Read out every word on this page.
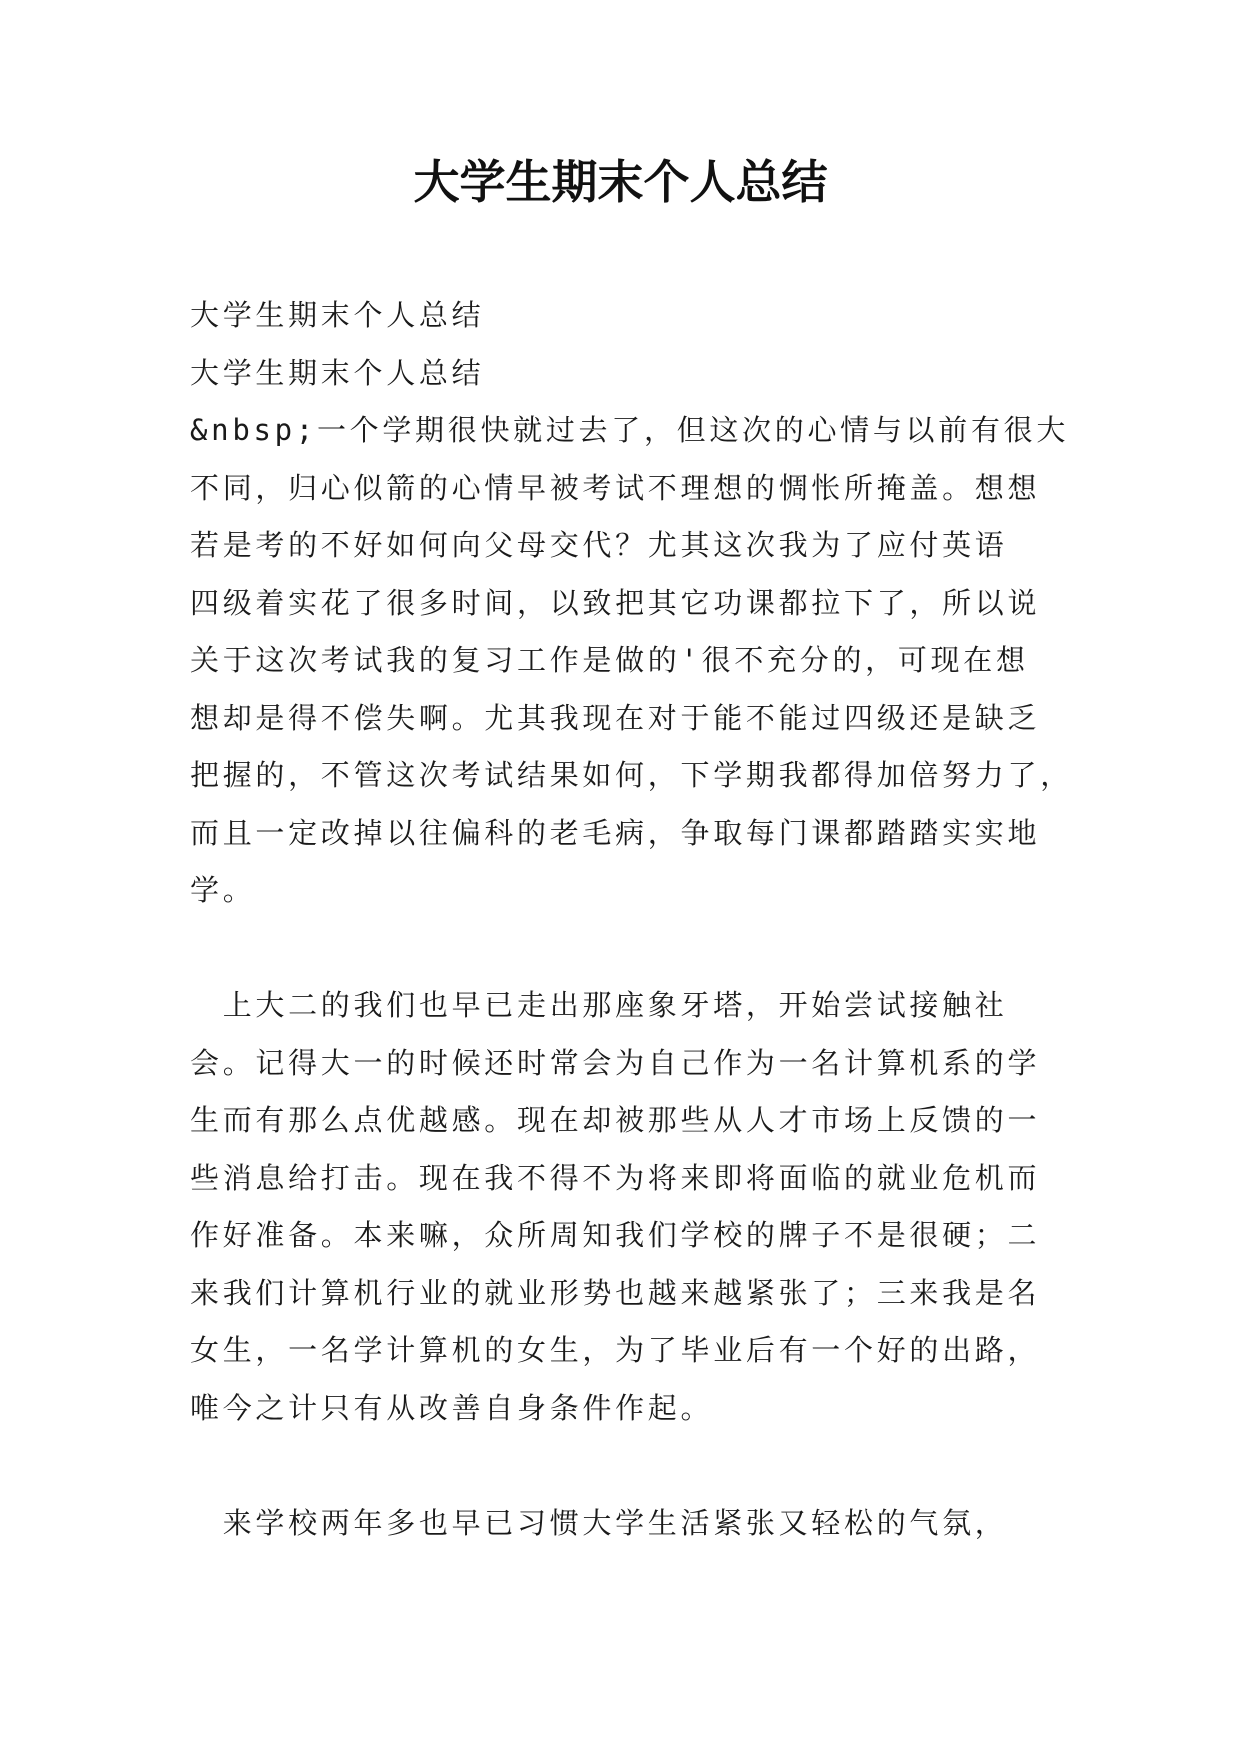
大学生期末个人总结
大学生期末个人总结
大学生期末个人总结
&nbsp;一个学期很快就过去了，但这次的心情与以前有很大
不同，归心似箭的心情早被考试不理想的惆怅所掩盖。想想
若是考的不好如何向父母交代？尤其这次我为了应付英语
四级着实花了很多时间，以致把其它功课都拉下了，所以说
关于这次考试我的复习工作是做的'很不充分的，可现在想
想却是得不偿失啊。尤其我现在对于能不能过四级还是缺乏
把握的，不管这次考试结果如何，下学期我都得加倍努力了，
而且一定改掉以往偏科的老毛病，争取每门课都踏踏实实地
学。
　上大二的我们也早已走出那座象牙塔，开始尝试接触社
会。记得大一的时候还时常会为自己作为一名计算机系的学
生而有那么点优越感。现在却被那些从人才市场上反馈的一
些消息给打击。现在我不得不为将来即将面临的就业危机而
作好准备。本来嘛，众所周知我们学校的牌子不是很硬；二
来我们计算机行业的就业形势也越来越紧张了；三来我是名
女生，一名学计算机的女生，为了毕业后有一个好的出路，
唯今之计只有从改善自身条件作起。
　来学校两年多也早已习惯大学生活紧张又轻松的气氛，
